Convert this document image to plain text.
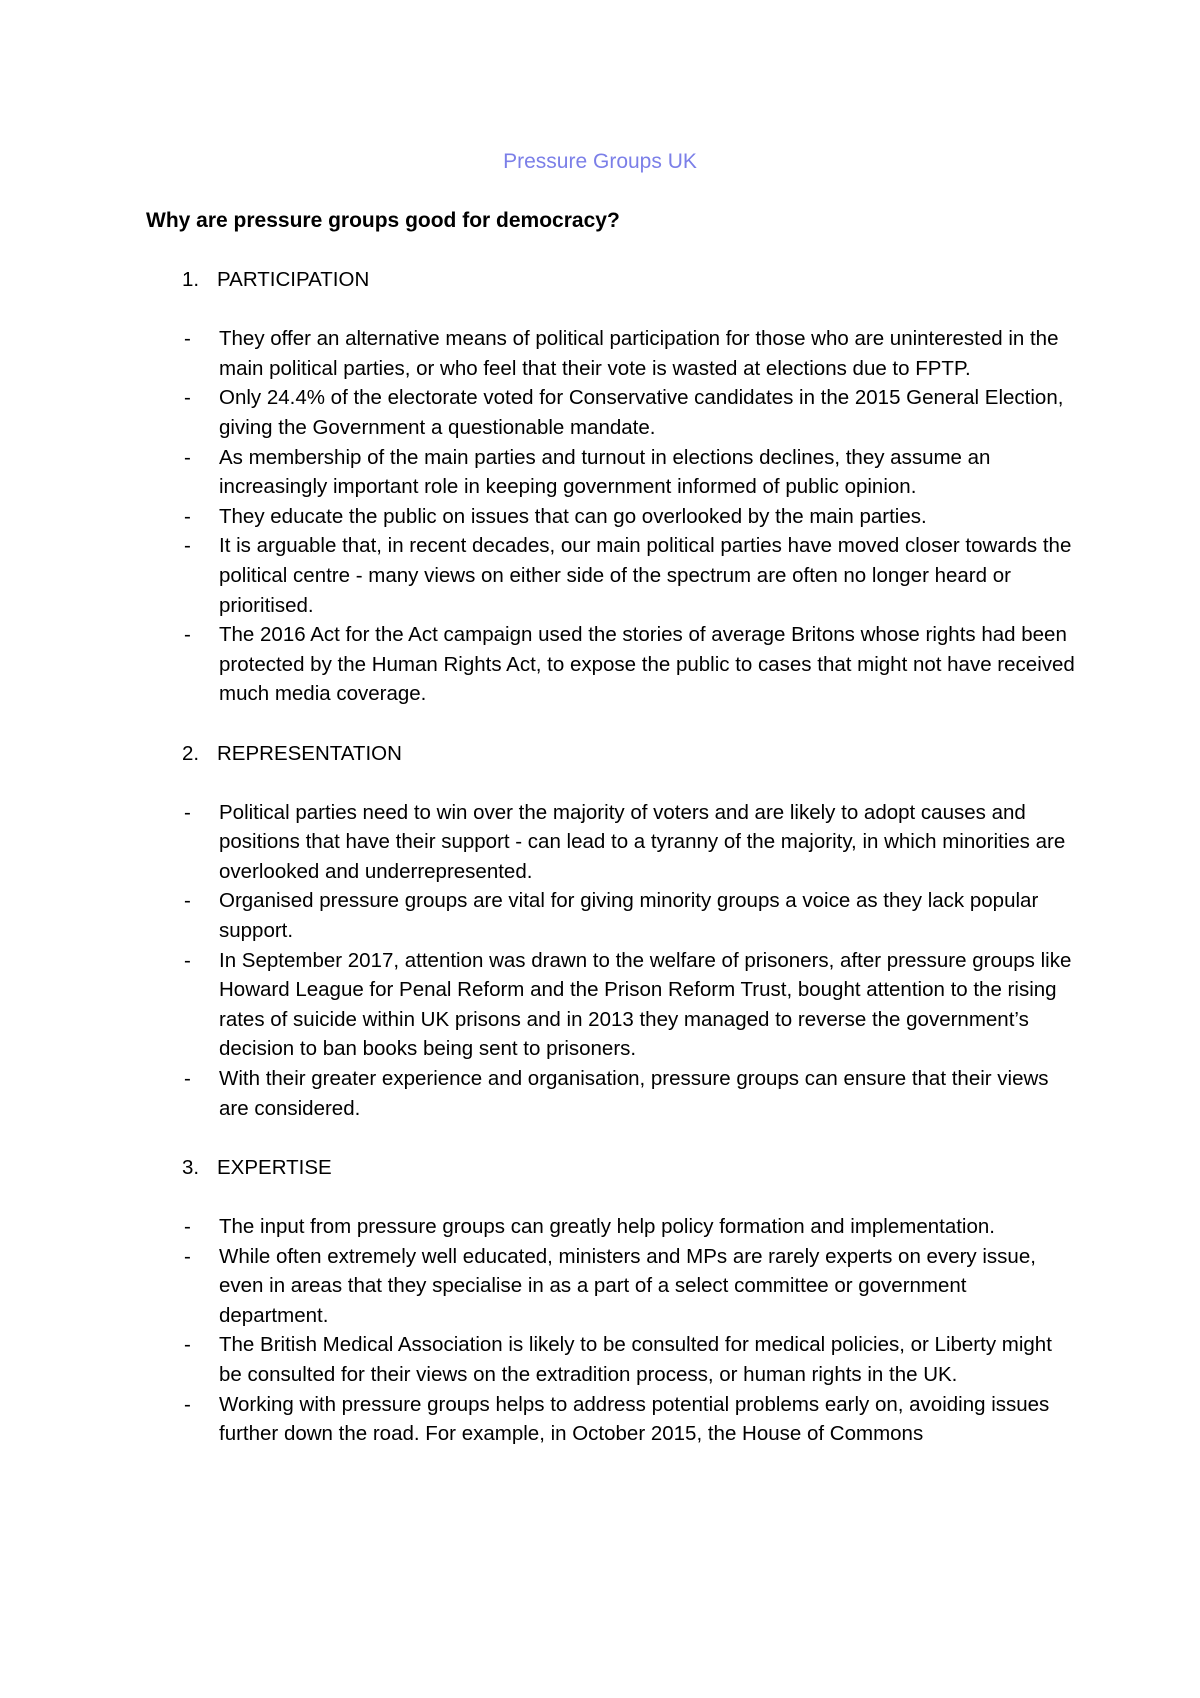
Pressure Groups UK

Why are pressure groups good for democracy?

1. PARTICIPATION
- They offer an alternative means of political participation for those who are uninterested in the main political parties, or who feel that their vote is wasted at elections due to FPTP.
- Only 24.4% of the electorate voted for Conservative candidates in the 2015 General Election, giving the Government a questionable mandate.
- As membership of the main parties and turnout in elections declines, they assume an increasingly important role in keeping government informed of public opinion.
- They educate the public on issues that can go overlooked by the main parties.
- It is arguable that, in recent decades, our main political parties have moved closer towards the political centre - many views on either side of the spectrum are often no longer heard or prioritised.
- The 2016 Act for the Act campaign used the stories of average Britons whose rights had been protected by the Human Rights Act, to expose the public to cases that might not have received much media coverage.
2. REPRESENTATION
- Political parties need to win over the majority of voters and are likely to adopt causes and positions that have their support - can lead to a tyranny of the majority, in which minorities are overlooked and underrepresented.
- Organised pressure groups are vital for giving minority groups a voice as they lack popular support.
- In September 2017, attention was drawn to the welfare of prisoners, after pressure groups like Howard League for Penal Reform and the Prison Reform Trust, bought attention to the rising rates of suicide within UK prisons and in 2013 they managed to reverse the government’s decision to ban books being sent to prisoners.
- With their greater experience and organisation, pressure groups can ensure that their views are considered.
3. EXPERTISE
- The input from pressure groups can greatly help policy formation and implementation.
- While often extremely well educated, ministers and MPs are rarely experts on every issue, even in areas that they specialise in as a part of a select committee or government department.
- The British Medical Association is likely to be consulted for medical policies, or Liberty might be consulted for their views on the extradition process, or human rights in the UK.
- Working with pressure groups helps to address potential problems early on, avoiding issues further down the road. For example, in October 2015, the House of Commons
